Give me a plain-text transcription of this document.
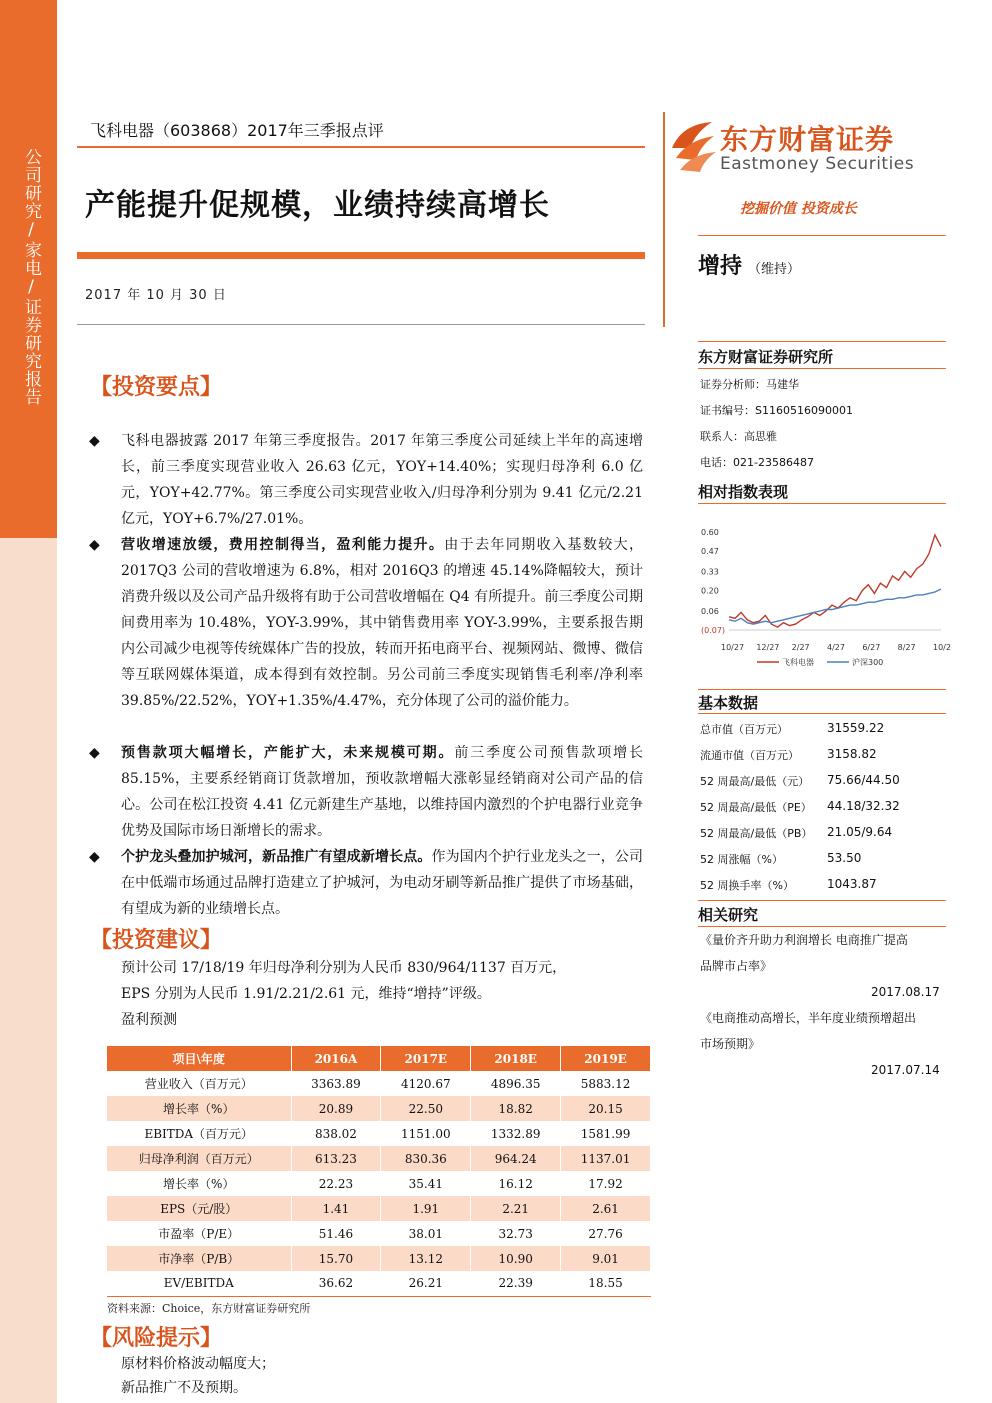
公司研究/家电/证券研究报告
飞科电器（603868）2017年三季报点评
产能提升促规模，业绩持续高增长
2017 年 10 月 30 日
东方财富证券
Eastmoney Securities
挖掘价值 投资成长
增持 （维持）
东方财富证券研究所
证券分析师：马建华
证书编号：S1160516090001
联系人：高思雅
电话：021-23586487
相对指数表现
0.60
0.47
0.33
0.20
0.06
(0.07)
10/27 12/27 2/27 4/27 6/27 8/27 10/2
飞科电器	沪深300
基本数据
总市值（百万元）	31559.22
流通市值（百万元） 3158.82
52 周最高/最低（元） 75.66/44.50
52 周最高/最低（PE） 44.18/32.32
52 周最高/最低（PB） 21.05/9.64
52 周涨幅（%）	53.50
52 周换手率（%）	1043.87
相关研究
《量价齐升助力利润增长 电商推广提高
品牌市占率》
2017.08.17
《电商推动高增长，半年度业绩预增超出
市场预期》
2017.07.14
【投资要点】
◆ 飞科电器披露 2017 年第三季度报告。2017 年第三季度公司延续上半年的高速增长，前三季度实现营业收入 26.63 亿元，YOY+14.40%；实现归母净利 6.0 亿元，YOY+42.77%。第三季度公司实现营业收入/归母净利分别为 9.41 亿元/2.21 亿元，YOY+6.7%/27.01%。
◆ 营收增速放缓，费用控制得当，盈利能力提升。由于去年同期收入基数较大，2017Q3 公司的营收增速为 6.8%，相对 2016Q3 的增速 45.14%降幅较大，预计消费升级以及公司产品升级将有助于公司营收增幅在 Q4 有所提升。前三季度公司期间费用率为 10.48%，YOY-3.99%，其中销售费用率 YOY-3.99%，主要系报告期内公司减少电视等传统媒体广告的投放，转而开拓电商平台、视频网站、微博、微信等互联网媒体渠道，成本得到有效控制。另公司前三季度实现销售毛利率/净利率 39.85%/22.52%，YOY+1.35%/4.47%，充分体现了公司的溢价能力。
◆ 预售款项大幅增长，产能扩大，未来规模可期。前三季度公司预售款项增长 85.15%，主要系经销商订货款增加，预收款增幅大涨彰显经销商对公司产品的信心。公司在松江投资 4.41 亿元新建生产基地，以维持国内激烈的个护电器行业竞争优势及国际市场日渐增长的需求。
◆ 个护龙头叠加护城河，新品推广有望成新增长点。作为国内个护行业龙头之一，公司在中低端市场通过品牌打造建立了护城河，为电动牙刷等新品推广提供了市场基础，有望成为新的业绩增长点。
【投资建议】
预计公司 17/18/19 年归母净利分别为人民币 830/964/1137 百万元，
EPS 分别为人民币 1.91/2.21/2.61 元，维持“增持”评级。
盈利预测
项目\年度	2016A	2017E	2018E	2019E
营业收入（百万元）	3363.89	4120.67	4896.35	5883.12
增长率（%）	20.89	22.50	18.82	20.15
EBITDA（百万元）	838.02	1151.00	1332.89	1581.99
归母净利润（百万元）	613.23	830.36	964.24	1137.01
增长率（%）	22.23	35.41	16.12	17.92
EPS（元/股）	1.41	1.91	2.21	2.61
市盈率（P/E）	51.46	38.01	32.73	27.76
市净率（P/B）	15.70	13.12	10.90	9.01
EV/EBITDA	36.62	26.21	22.39	18.55
资料来源：Choice，东方财富证券研究所
【风险提示】
原材料价格波动幅度大；
新品推广不及预期。
